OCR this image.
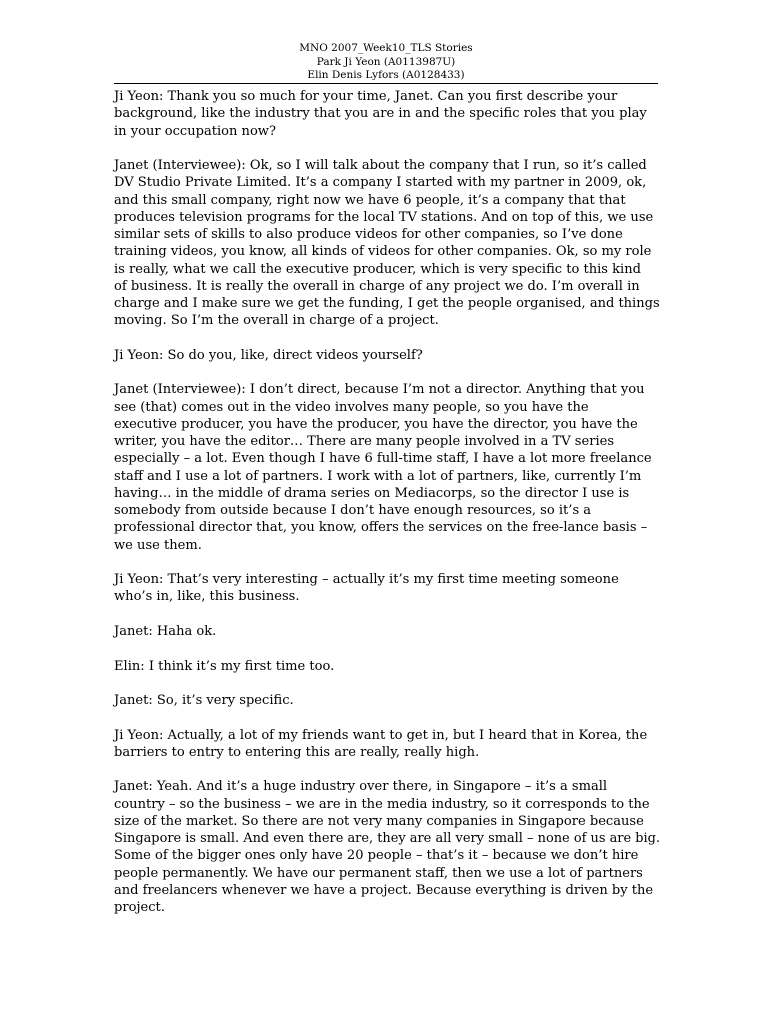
MNO 2007_Week10_TLS Stories
Park Ji Yeon (A0113987U)
Elin Denis Lyfors (A0128433)

Ji Yeon: Thank you so much for your time, Janet. Can you first describe your
background, like the industry that you are in and the specific roles that you play
in your occupation now?

Janet (Interviewee): Ok, so I will talk about the company that I run, so it’s called
DV Studio Private Limited. It’s a company I started with my partner in 2009, ok,
and this small company, right now we have 6 people, it’s a company that that
produces television programs for the local TV stations. And on top of this, we use
similar sets of skills to also produce videos for other companies, so I’ve done
training videos, you know, all kinds of videos for other companies. Ok, so my role
is really, what we call the executive producer, which is very specific to this kind
of business. It is really the overall in charge of any project we do. I’m overall in
charge and I make sure we get the funding, I get the people organised, and things
moving. So I’m the overall in charge of a project.

Ji Yeon: So do you, like, direct videos yourself?

Janet (Interviewee): I don’t direct, because I’m not a director. Anything that you
see (that) comes out in the video involves many people, so you have the
executive producer, you have the producer, you have the director, you have the
writer, you have the editor… There are many people involved in a TV series
especially – a lot. Even though I have 6 full-time staff, I have a lot more freelance
staff and I use a lot of partners. I work with a lot of partners, like, currently I’m
having… in the middle of drama series on Mediacorps, so the director I use is
somebody from outside because I don’t have enough resources, so it’s a
professional director that, you know, offers the services on the free-lance basis –
we use them.

Ji Yeon: That’s very interesting – actually it’s my first time meeting someone
who’s in, like, this business.

Janet: Haha ok.

Elin: I think it’s my first time too.

Janet: So, it’s very specific.

Ji Yeon: Actually, a lot of my friends want to get in, but I heard that in Korea, the
barriers to entry to entering this are really, really high.

Janet: Yeah. And it’s a huge industry over there, in Singapore – it’s a small
country – so the business – we are in the media industry, so it corresponds to the
size of the market. So there are not very many companies in Singapore because
Singapore is small. And even there are, they are all very small – none of us are big.
Some of the bigger ones only have 20 people – that’s it – because we don’t hire
people permanently. We have our permanent staff, then we use a lot of partners
and freelancers whenever we have a project. Because everything is driven by the
project.
